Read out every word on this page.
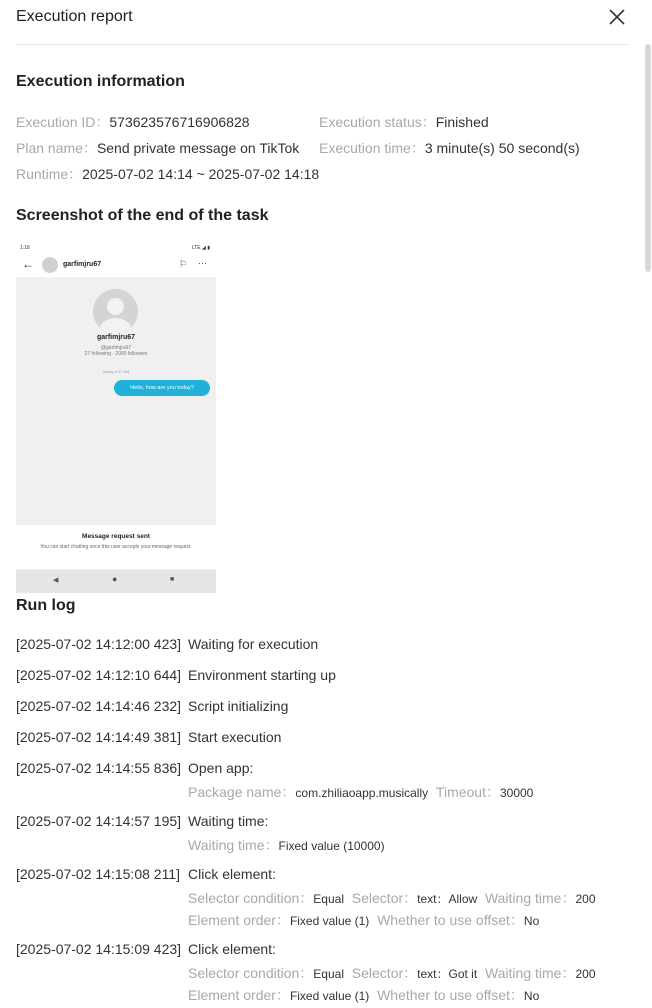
Execution report
Execution information
Execution ID：573623576716906828	Execution status：Finished
Plan name：Send private message on TikTok Execution time：3 minute(s) 50 second(s)
Runtime：2025-07-02 14:14 ~ 2025-07-02 14:18
Screenshot of the end of the task
1:18	LTE ◢ ▮
←	garfimjru67	⚐ ···
garfimjru67
@garfimjru67
27 following · 2000 followers
Today 3:17 AM
Hello, how are you today?
Message request sent
You can start chatting once this user accepts your message request.
◀	●	■
Run log
[2025-07-02 14:12:00 423] Waiting for execution
[2025-07-02 14:12:10 644] Environment starting up
[2025-07-02 14:14:46 232] Script initializing
[2025-07-02 14:14:49 381] Start execution
[2025-07-02 14:14:55 836] Open app:
Package name：com.zhiliaoapp.musically Timeout：30000
[2025-07-02 14:14:57 195] Waiting time:
Waiting time：Fixed value (10000)
[2025-07-02 14:15:08 211] Click element:
Selector condition：Equal Selector：text：Allow Waiting time：200
Element order：Fixed value (1) Whether to use offset：No
[2025-07-02 14:15:09 423] Click element:
Selector condition：Equal Selector：text：Got it Waiting time：200
Element order：Fixed value (1) Whether to use offset：No
